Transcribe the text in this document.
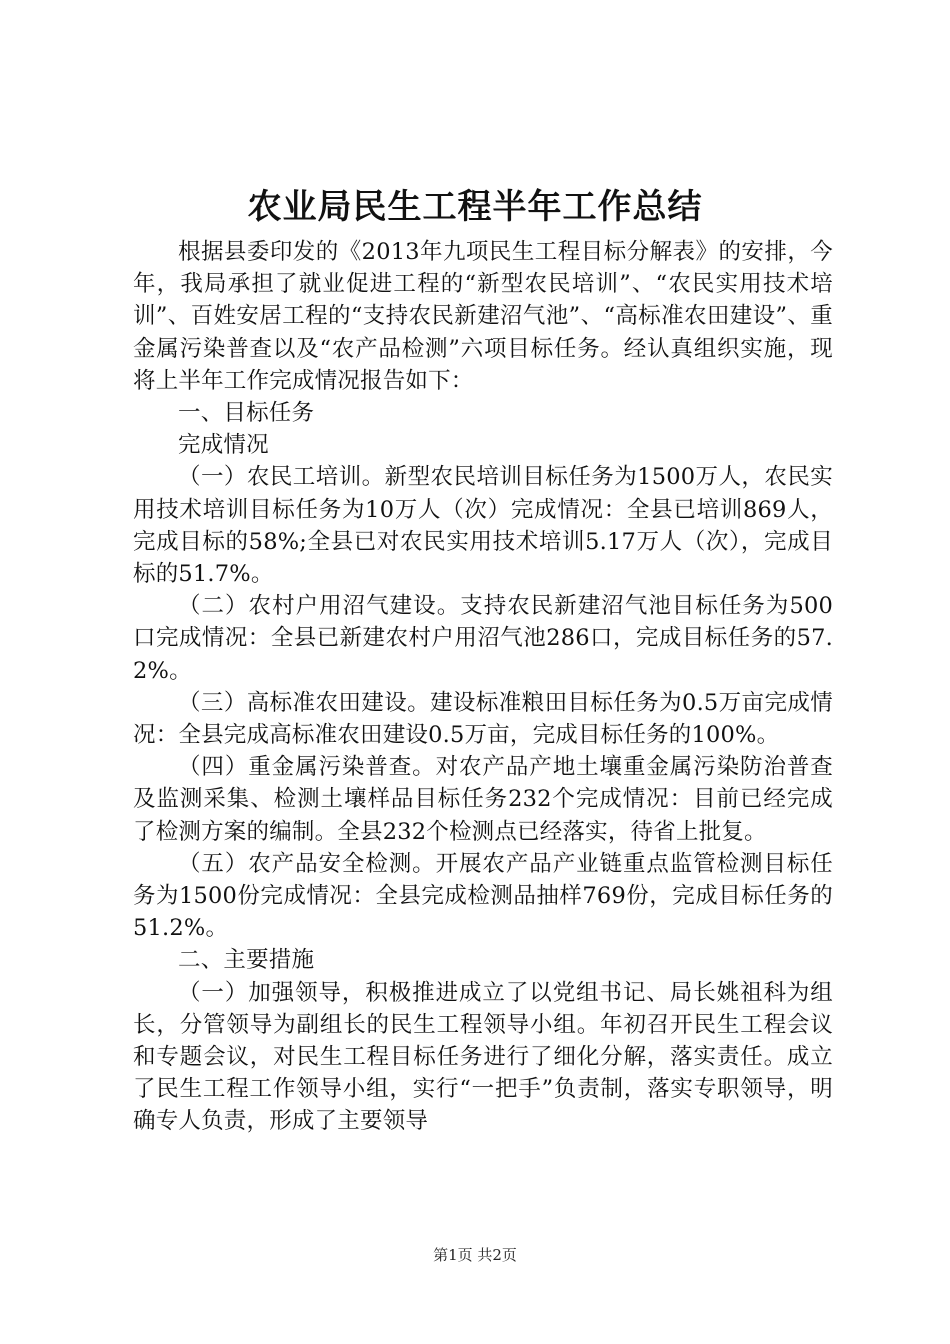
农业局民生工程半年工作总结

根据县委印发的《2013年九项民生工程目标分解表》的安排，今年，我局承担了就业促进工程的“新型农民培训”、“农民实用技术培训”、百姓安居工程的“支持农民新建沼气池”、“高标准农田建设”、重金属污染普查以及“农产品检测”六项目标任务。经认真组织实施，现将上半年工作完成情况报告如下：

一、目标任务

完成情况

（一）农民工培训。新型农民培训目标任务为1500万人，农民实用技术培训目标任务为10万人（次）完成情况：全县已培训869人，完成目标的58%;全县已对农民实用技术培训5.17万人（次），完成目标的51.7%。

（二）农村户用沼气建设。支持农民新建沼气池目标任务为500口完成情况：全县已新建农村户用沼气池286口，完成目标任务的57.2%。

（三）高标准农田建设。建设标准粮田目标任务为0.5万亩完成情况：全县完成高标准农田建设0.5万亩，完成目标任务的100%。

（四）重金属污染普查。对农产品产地土壤重金属污染防治普查及监测采集、检测土壤样品目标任务232个完成情况：目前已经完成了检测方案的编制。全县232个检测点已经落实，待省上批复。

（五）农产品安全检测。开展农产品产业链重点监管检测目标任务为1500份完成情况：全县完成检测品抽样769份，完成目标任务的51.2%。

二、主要措施

（一）加强领导，积极推进成立了以党组书记、局长姚祖科为组长，分管领导为副组长的民生工程领导小组。年初召开民生工程会议和专题会议，对民生工程目标任务进行了细化分解，落实责任。成立了民生工程工作领导小组，实行“一把手”负责制，落实专职领导，明确专人负责，形成了主要领导

第1页 共2页
